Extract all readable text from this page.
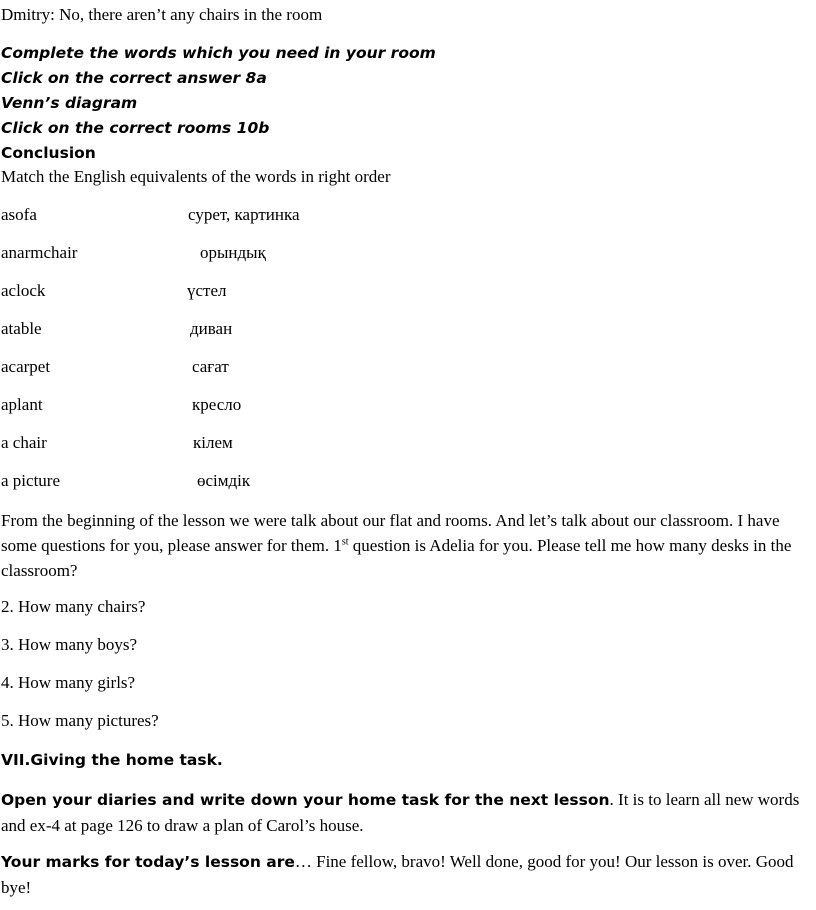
Dmitry: No, there aren’t any chairs in the room
Complete the words which you need in your room
Click on the correct answer 8a
Venn’s diagram
Click on the correct rooms 10b
Conclusion
Match the English equivalents of the words in right order
asofa	сурет, картинка
anarmchair	орындық
aclock	үстел
atable	диван
acarpet	сағат
aplant	кресло
a chair	кілем
a picture	өсімдік
From the beginning of the lesson we were talk about our flat and rooms. And let’s talk about our classroom. I have some questions for you, please answer for them. 1st question is Adelia for you. Please tell me how many desks in the classroom?
2. How many chairs?
3. How many boys?
4. How many girls?
5. How many pictures?
VII.Giving the home task.
Open your diaries and write down your home task for the next lesson. It is to learn all new words and ex-4 at page 126 to draw a plan of Carol’s house.
Your marks for today’s lesson are… Fine fellow, bravo! Well done, good for you! Our lesson is over. Good bye!
